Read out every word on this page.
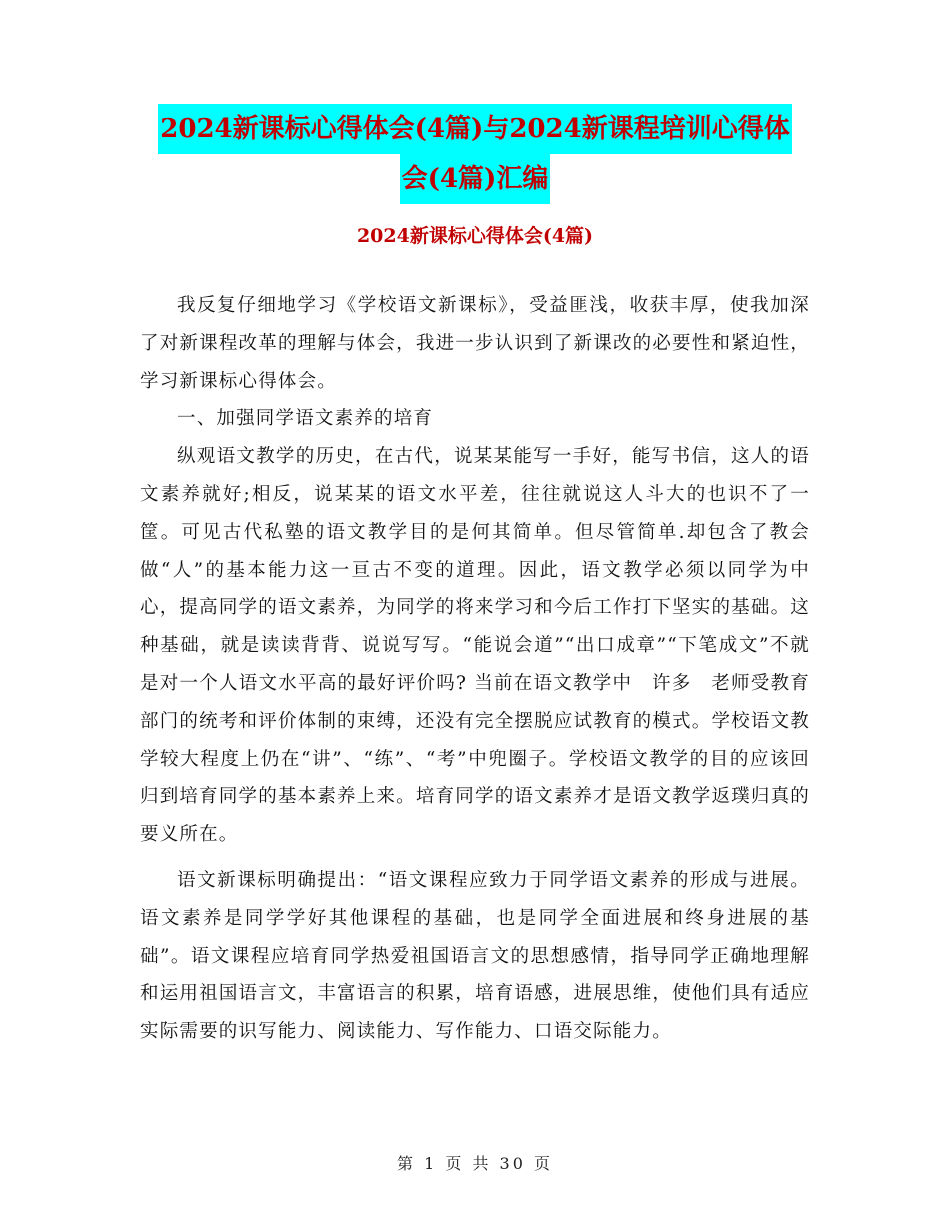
2024新课标心得体会(4篇)与2024新课程培训心得体
会(4篇)汇编
2024新课标心得体会(4篇)

我反复仔细地学习《学校语文新课标》，受益匪浅，收获丰厚，使我加深了对新课程改革的理解与体会，我进一步认识到了新课改的必要性和紧迫性，学习新课标心得体会。

一、加强同学语文素养的培育

纵观语文教学的历史，在古代，说某某能写一手好，能写书信，这人的语文素养就好;相反，说某某的语文水平差，往往就说这人斗大的也识不了一筐。可见古代私塾的语文教学目的是何其简单。但尽管简单.却包含了教会做“人”的基本能力这一亘古不变的道理。因此，语文教学必须以同学为中心，提高同学的语文素养，为同学的将来学习和今后工作打下坚实的基础。这种基础，就是读读背背、说说写写。“能说会道”“出口成章”“下笔成文”不就是对一个人语文水平高的最好评价吗? 当前在语文教学中　许多　老师受教育部门的统考和评价体制的束缚，还没有完全摆脱应试教育的模式。学校语文教学较大程度上仍在“讲”、“练”、“考”中兜圈子。学校语文教学的目的应该回归到培育同学的基本素养上来。培育同学的语文素养才是语文教学返璞归真的要义所在。

语文新课标明确提出：“语文课程应致力于同学语文素养的形成与进展。语文素养是同学学好其他课程的基础，也是同学全面进展和终身进展的基础”。语文课程应培育同学热爱祖国语言文的思想感情，指导同学正确地理解和运用祖国语言文，丰富语言的积累，培育语感，进展思维，使他们具有适应实际需要的识写能力、阅读能力、写作能力、口语交际能力。

第 1 页 共 30 页
